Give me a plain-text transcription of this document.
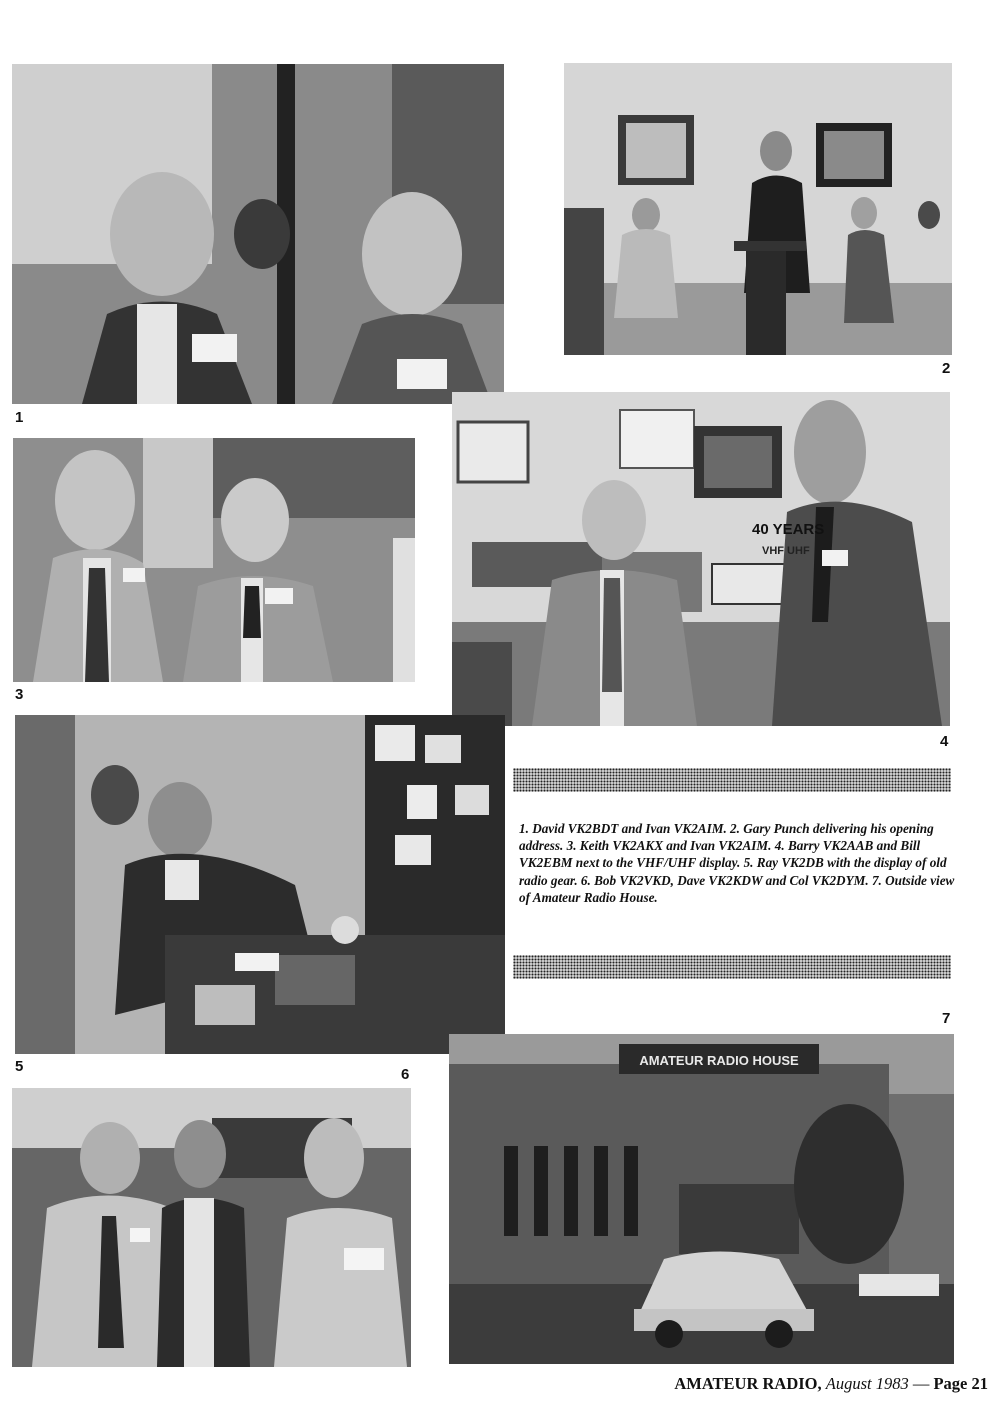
1
2
3
40 YEARS
VHF UHF
4
5	6
7
AMATEUR RADIO HOUSE
1. David VK2BDT and Ivan VK2AIM. 2. Gary Punch delivering his opening address. 3. Keith VK2AKX and Ivan VK2AIM. 4. Barry VK2AAB and Bill VK2EBM next to the VHF/UHF display. 5. Ray VK2DB with the display of old radio gear. 6. Bob VK2VKD, Dave VK2KDW and Col VK2DYM. 7. Outside view of Amateur Radio House.
AMATEUR RADIO, August 1983 — Page 21
